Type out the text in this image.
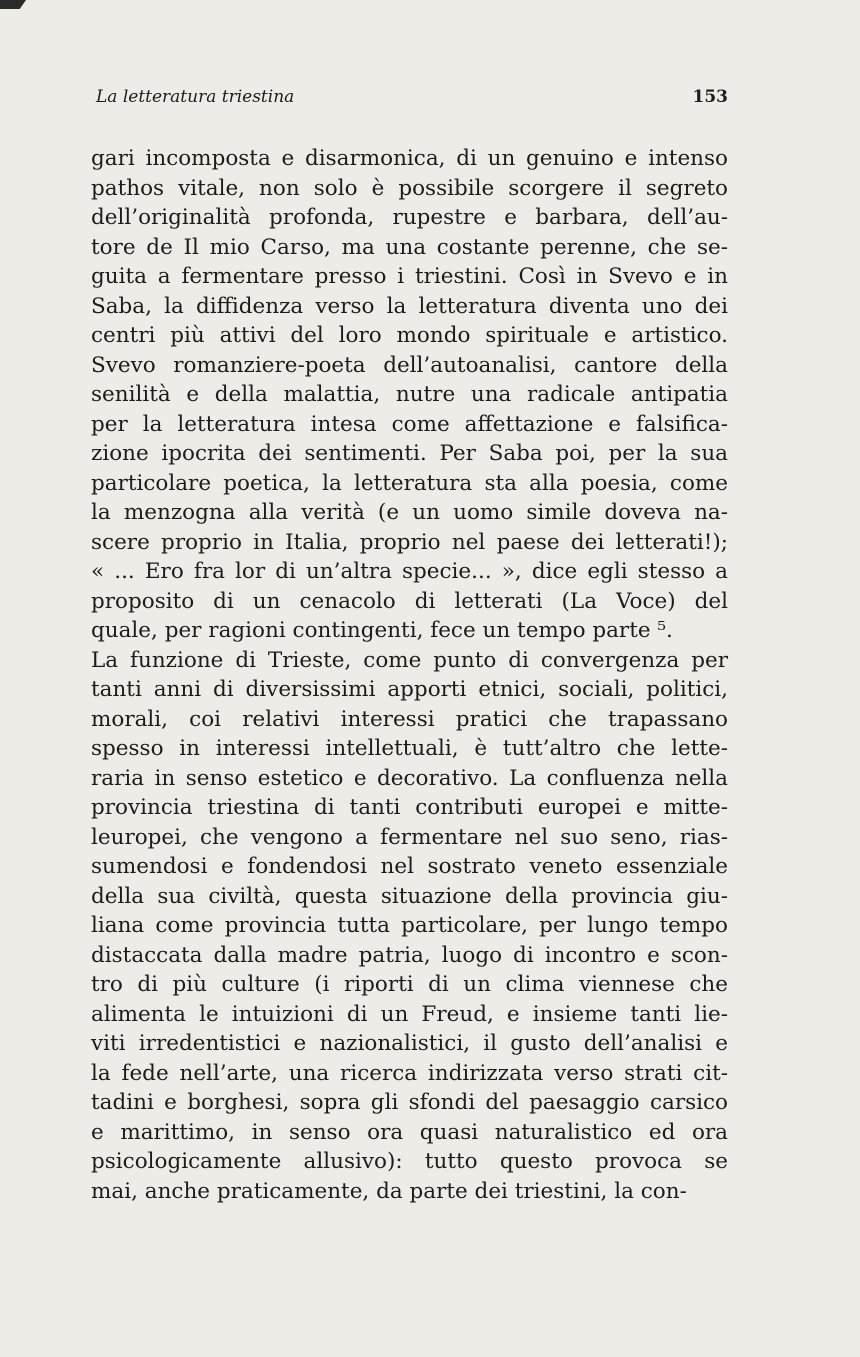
La letteratura triestina	153
gari incomposta e disarmonica, di un genuino e intenso
pathos vitale, non solo è possibile scorgere il segreto
dell’originalità profonda, rupestre e barbara, dell’au-
tore de Il mio Carso, ma una costante perenne, che se-
guita a fermentare presso i triestini. Così in Svevo e in
Saba, la diffidenza verso la letteratura diventa uno dei
centri più attivi del loro mondo spirituale e artistico.
Svevo romanziere-poeta dell’autoanalisi, cantore della
senilità e della malattia, nutre una radicale antipatia
per la letteratura intesa come affettazione e falsifica-
zione ipocrita dei sentimenti. Per Saba poi, per la sua
particolare poetica, la letteratura sta alla poesia, come
la menzogna alla verità (e un uomo simile doveva na-
scere proprio in Italia, proprio nel paese dei letterati!);
« ... Ero fra lor di un’altra specie... », dice egli stesso a
proposito di un cenacolo di letterati (La Voce) del
quale, per ragioni contingenti, fece un tempo parte ⁵.
La funzione di Trieste, come punto di convergenza per
tanti anni di diversissimi apporti etnici, sociali, politici,
morali, coi relativi interessi pratici che trapassano
spesso in interessi intellettuali, è tutt’altro che lette-
raria in senso estetico e decorativo. La confluenza nella
provincia triestina di tanti contributi europei e mitte-
leuropei, che vengono a fermentare nel suo seno, rias-
sumendosi e fondendosi nel sostrato veneto essenziale
della sua civiltà, questa situazione della provincia giu-
liana come provincia tutta particolare, per lungo tempo
distaccata dalla madre patria, luogo di incontro e scon-
tro di più culture (i riporti di un clima viennese che
alimenta le intuizioni di un Freud, e insieme tanti lie-
viti irredentistici e nazionalistici, il gusto dell’analisi e
la fede nell’arte, una ricerca indirizzata verso strati cit-
tadini e borghesi, sopra gli sfondi del paesaggio carsico
e marittimo, in senso ora quasi naturalistico ed ora
psicologicamente allusivo): tutto questo provoca se
mai, anche praticamente, da parte dei triestini, la con-
